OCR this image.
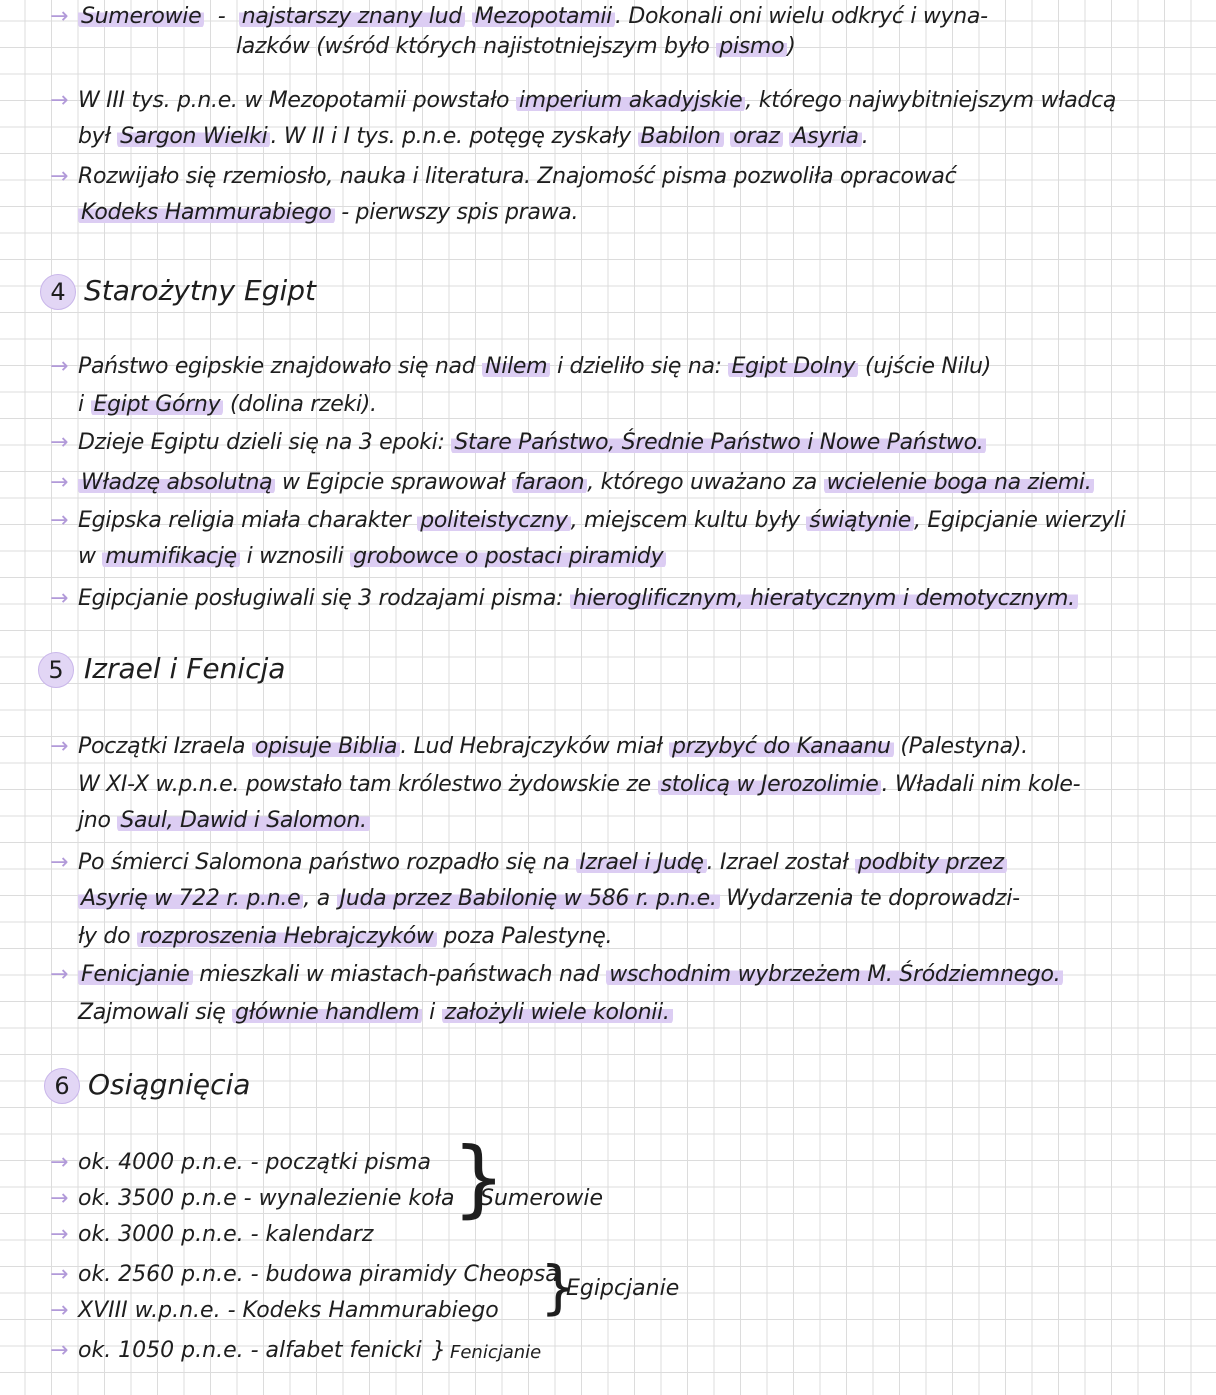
→ Sumerowie  -  najstarszy znany lud Mezopotamii . Dokonali oni wielu odkryć i wyna-
lazków (wśród których najistotniejszym było pismo )
→ W III tys. p.n.e. w Mezopotamii powstało imperium akadyjskie , którego najwybitniejszym władcą
był Sargon Wielki . W II i I tys. p.n.e. potęgę zyskały Babilon oraz Asyria .
→ Rozwijało się rzemiosło, nauka i literatura. Znajomość pisma pozwoliła opracować
Kodeks Hammurabiego - pierwszy spis prawa.
4 Starożytny Egipt
→ Państwo egipskie znajdowało się nad Nilem i dzieliło się na: Egipt Dolny (ujście Nilu)
i Egipt Górny (dolina rzeki).
→ Dzieje Egiptu dzieli się na 3 epoki: Stare Państwo, Średnie Państwo i Nowe Państwo.
→ Władzę absolutną w Egipcie sprawował faraon , którego uważano za wcielenie boga na ziemi.
→ Egipska religia miała charakter politeistyczny , miejscem kultu były świątynie , Egipcjanie wierzyli
w mumifikację i wznosili grobowce o postaci piramidy
→ Egipcjanie posługiwali się 3 rodzajami pisma: hieroglificznym, hieratycznym i demotycznym.
5 Izrael i Fenicja
→ Początki Izraela opisuje Biblia . Lud Hebrajczyków miał przybyć do Kanaanu (Palestyna).
W XI-X w.p.n.e. powstało tam królestwo żydowskie ze stolicą w Jerozolimie . Władali nim kole-
jno Saul, Dawid i Salomon.
→ Po śmierci Salomona państwo rozpadło się na Izrael i Judę . Izrael został podbity przez
Asyrię w 722 r. p.n.e , a Juda przez Babilonię w 586 r. p.n.e. Wydarzenia te doprowadzi-
ły do rozproszenia Hebrajczyków poza Palestynę.
→ Fenicjanie mieszkali w miastach-państwach nad wschodnim wybrzeżem M. Śródziemnego.
Zajmowali się głównie handlem i założyli wiele kolonii.
6 Osiągnięcia
→ ok. 4000 p.n.e. - początki pisma
→ ok. 3500 p.n.e - wynalezienie koła
→ ok. 3000 p.n.e. - kalendarz
→ ok. 2560 p.n.e. - budowa piramidy Cheopsa
→ XVIII w.p.n.e. - Kodeks Hammurabiego
→ ok. 1050 p.n.e. - alfabet fenicki
}
Sumerowie
}
Egipcjanie
} Fenicjanie
